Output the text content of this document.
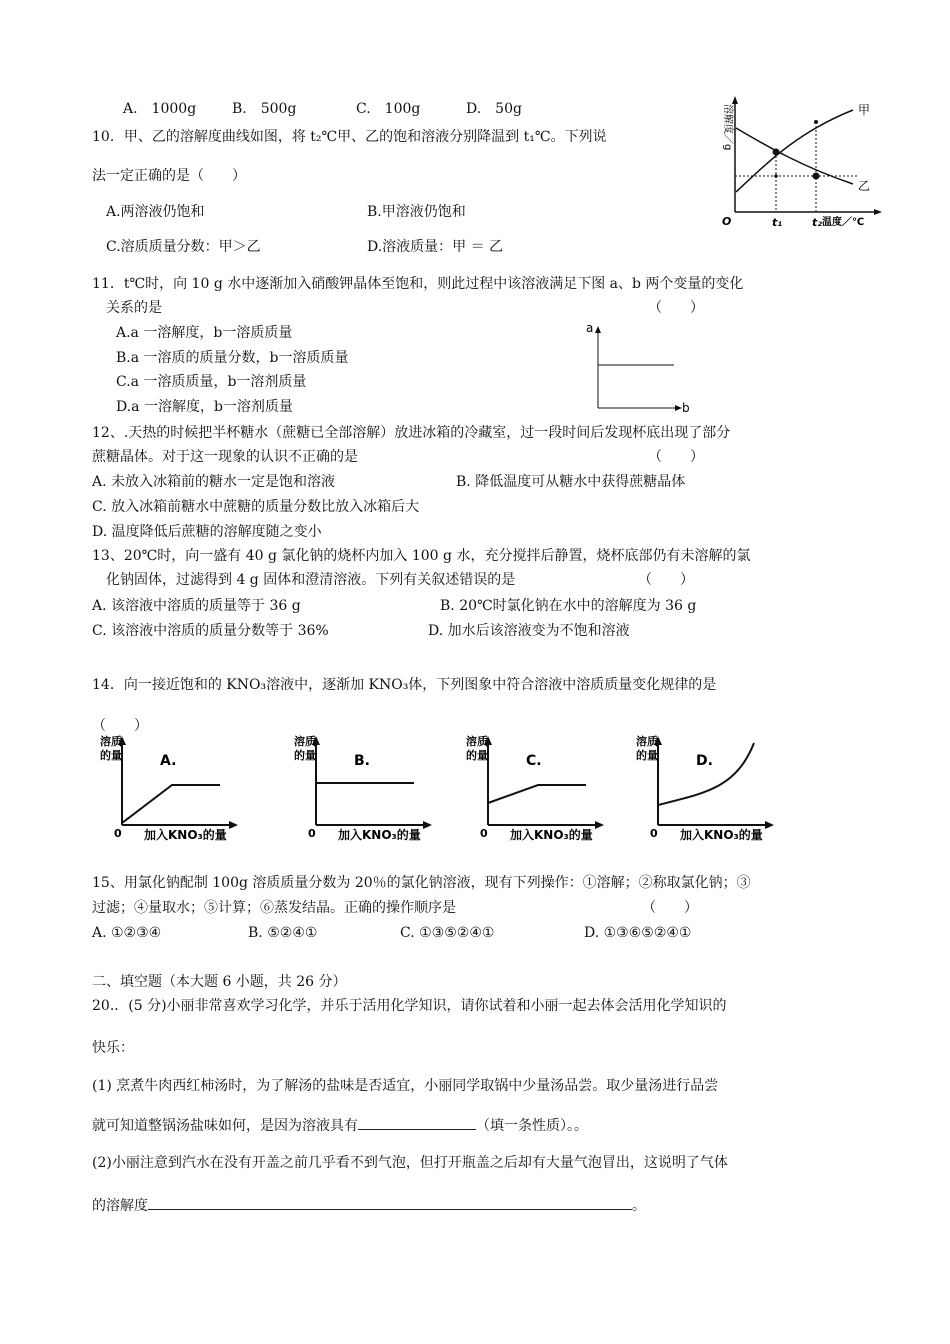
A.　1000g	B.　500g	C.　100g	D.　50g
10．甲、乙的溶解度曲线如图，将 t₂℃甲、乙的饱和溶液分别降温到 t₁℃。下列说
法一定正确的是（　　）
A.两溶液仍饱和	B.甲溶液仍饱和
C.溶质质量分数：甲＞乙	D.溶液质量：甲 ＝ 乙
溶解度／g
温度／℃
O	t₁	t₂
甲
乙
11．t℃时，向 10 g 水中逐渐加入硝酸钾晶体至饱和，则此过程中该溶液满足下图 a、b 两个变量的变化
关系的是	（　　）
A.a 一溶解度，b一溶质质量
B.a 一溶质的质量分数，b一溶质质量
C.a 一溶质质量，b一溶剂质量
D.a 一溶解度，b一溶剂质量
a
b
12、.天热的时候把半杯糖水（蔗糖已全部溶解）放进冰箱的冷藏室，过一段时间后发现杯底出现了部分
蔗糖晶体。对于这一现象的认识不正确的是	（　　）
A. 未放入冰箱前的糖水一定是饱和溶液	B. 降低温度可从糖水中获得蔗糖晶体
C. 放入冰箱前糖水中蔗糖的质量分数比放入冰箱后大
D. 温度降低后蔗糖的溶解度随之变小
13、20℃时，向一盛有 40 g 氯化钠的烧杯内加入 100 g 水，充分搅拌后静置，烧杯底部仍有未溶解的氯
化钠固体，过滤得到 4 g 固体和澄清溶液。下列有关叙述错误的是	（　　）
A. 该溶液中溶质的质量等于 36 g	B. 20℃时氯化钠在水中的溶解度为 36 g
C. 该溶液中溶质的质量分数等于 36%	D. 加水后该溶液变为不饱和溶液
14．向一接近饱和的 KNO₃溶液中，逐渐加 KNO₃体，下列图象中符合溶液中溶质质量变化规律的是
（　　）
A.
溶质的量
0 加入KNO₃的量
B.
溶质的量
0 加入KNO₃的量
C.
溶质的量
0 加入KNO₃的量
D.
溶质的量
0 加入KNO₃的量
15、用氯化钠配制 100g 溶质质量分数为 20％的氯化钠溶液，现有下列操作：①溶解；②称取氯化钠；③
过滤；④量取水；⑤计算；⑥蒸发结晶。正确的操作顺序是	（　　）
A. ①②③④	B. ⑤②④①	C. ①③⑤②④①	D. ①③⑥⑤②④①
二、填空题（本大题 6 小题，共 26 分）
20.．(5 分)小丽非常喜欢学习化学，并乐于活用化学知识，请你试着和小丽一起去体会活用化学知识的
快乐：
(1) 烹煮牛肉西红柿汤时，为了解汤的盐味是否适宜，小丽同学取锅中少量汤品尝。取少量汤进行品尝
就可知道整锅汤盐味如何，是因为溶液具有	（填一条性质）。。
(2)小丽注意到汽水在没有开盖之前几乎看不到气泡，但打开瓶盖之后却有大量气泡冒出，这说明了气体
的溶解度	。
